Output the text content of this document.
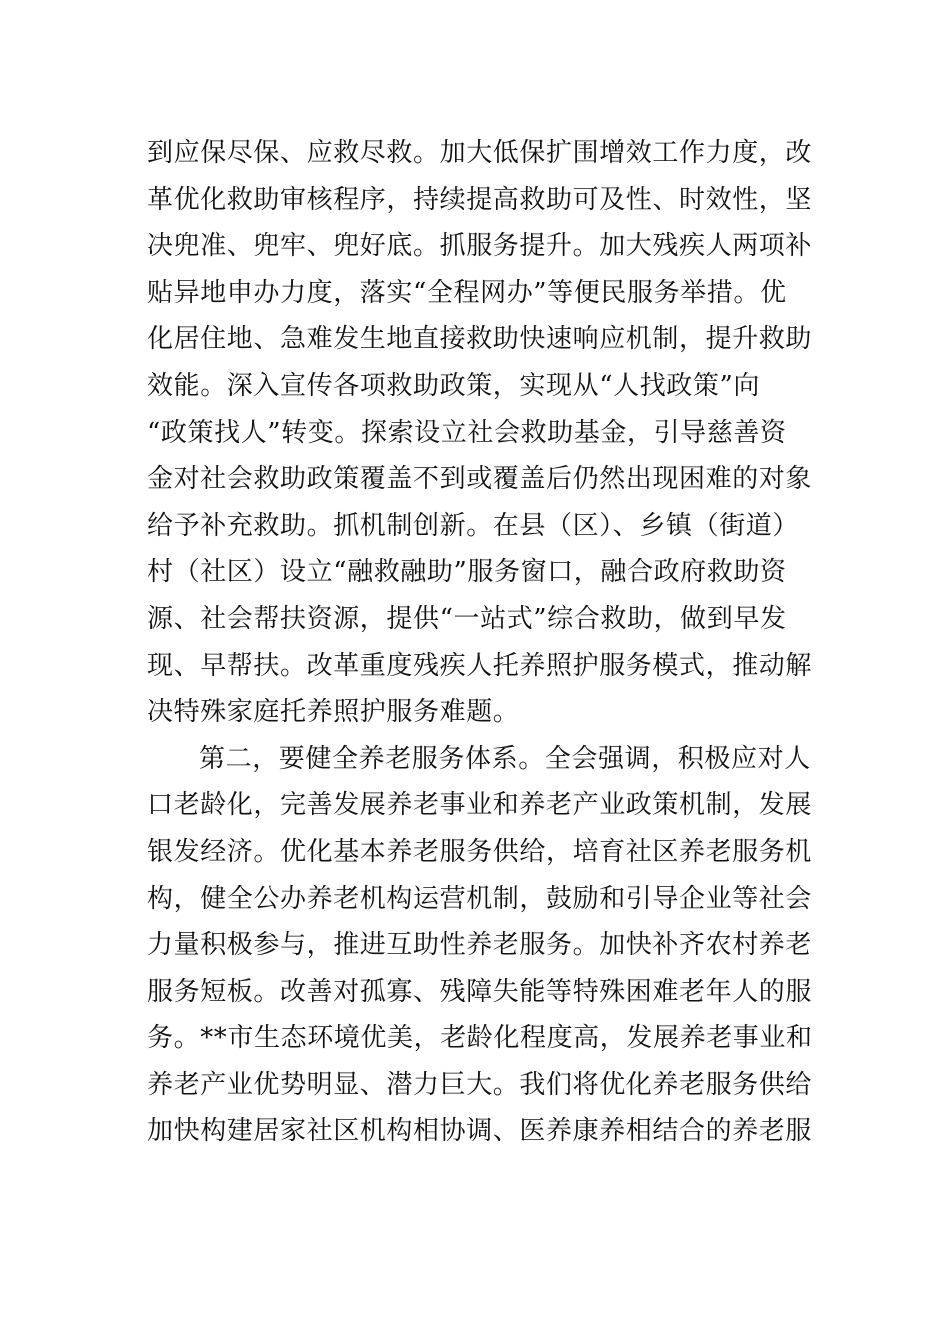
到应保尽保、应救尽救。加大低保扩围增效工作力度，改
革优化救助审核程序，持续提高救助可及性、时效性，坚
决兜准、兜牢、兜好底。抓服务提升。加大残疾人两项补
贴异地申办力度，落实“全程网办”等便民服务举措。优
化居住地、急难发生地直接救助快速响应机制，提升救助
效能。深入宣传各项救助政策，实现从“人找政策”向
“政策找人”转变。探索设立社会救助基金，引导慈善资
金对社会救助政策覆盖不到或覆盖后仍然出现困难的对象
给予补充救助。抓机制创新。在县（区）、乡镇（街道）
村（社区）设立“融救融助”服务窗口，融合政府救助资
源、社会帮扶资源，提供“一站式”综合救助，做到早发
现、早帮扶。改革重度残疾人托养照护服务模式，推动解
决特殊家庭托养照护服务难题。
第二，要健全养老服务体系。全会强调，积极应对人
口老龄化，完善发展养老事业和养老产业政策机制，发展
银发经济。优化基本养老服务供给，培育社区养老服务机
构，健全公办养老机构运营机制，鼓励和引导企业等社会
力量积极参与，推进互助性养老服务。加快补齐农村养老
服务短板。改善对孤寡、残障失能等特殊困难老年人的服
务。**市生态环境优美，老龄化程度高，发展养老事业和
养老产业优势明显、潜力巨大。我们将优化养老服务供给
加快构建居家社区机构相协调、医养康养相结合的养老服
